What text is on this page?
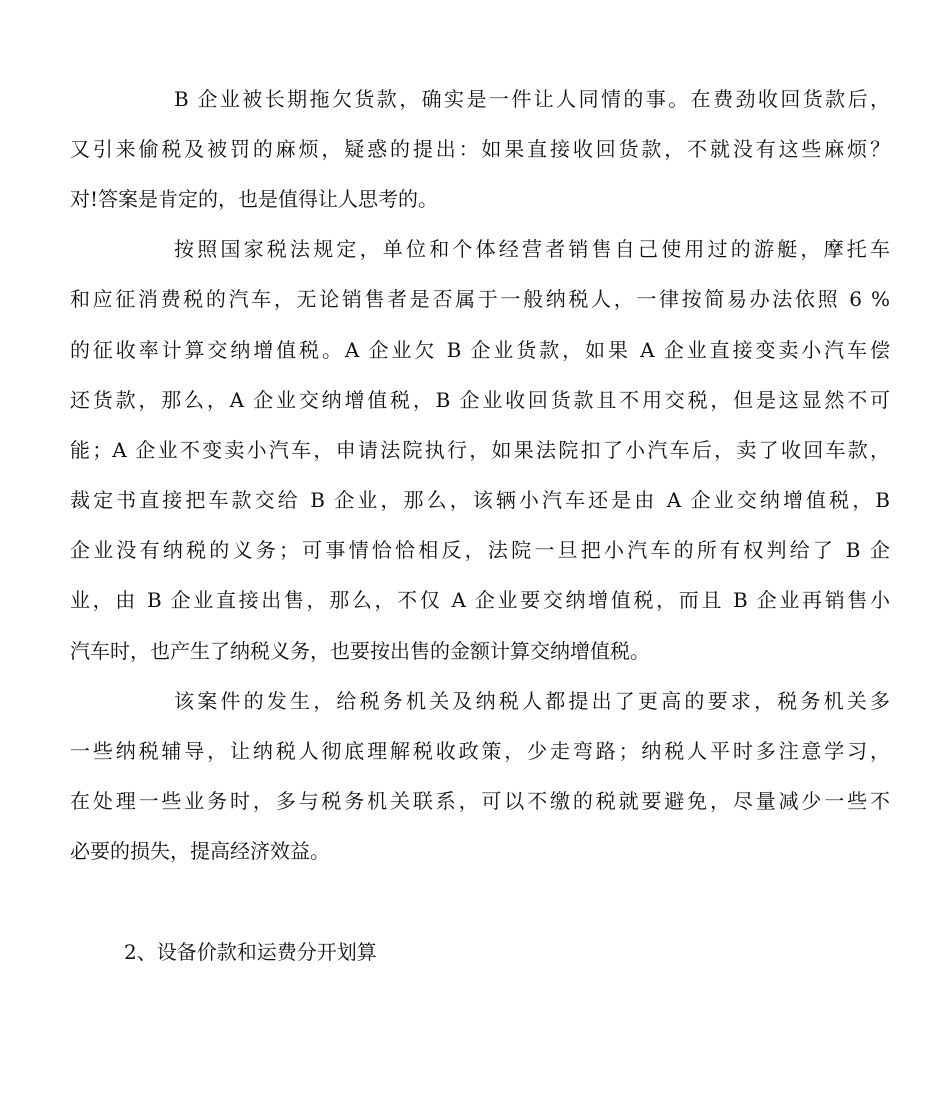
B 企业被长期拖欠货款，确实是一件让人同情的事。在费劲收回货款后，
又引来偷税及被罚的麻烦，疑惑的提出：如果直接收回货款，不就没有这些麻烦？
对!答案是肯定的，也是值得让人思考的。
按照国家税法规定，单位和个体经营者销售自己使用过的游艇，摩托车
和应征消费税的汽车，无论销售者是否属于一般纳税人，一律按简易办法依照 6 %
的征收率计算交纳增值税。A 企业欠 B 企业货款，如果 A 企业直接变卖小汽车偿
还货款，那么，A 企业交纳增值税，B 企业收回货款且不用交税，但是这显然不可
能；A 企业不变卖小汽车，申请法院执行，如果法院扣了小汽车后，卖了收回车款，
裁定书直接把车款交给 B 企业，那么，该辆小汽车还是由 A 企业交纳增值税，B
企业没有纳税的义务；可事情恰恰相反，法院一旦把小汽车的所有权判给了 B 企
业，由 B 企业直接出售，那么，不仅 A 企业要交纳增值税，而且 B 企业再销售小
汽车时，也产生了纳税义务，也要按出售的金额计算交纳增值税。
该案件的发生，给税务机关及纳税人都提出了更高的要求，税务机关多
一些纳税辅导，让纳税人彻底理解税收政策，少走弯路；纳税人平时多注意学习，
在处理一些业务时，多与税务机关联系，可以不缴的税就要避免，尽量减少一些不
必要的损失，提高经济效益。
2、设备价款和运费分开划算
